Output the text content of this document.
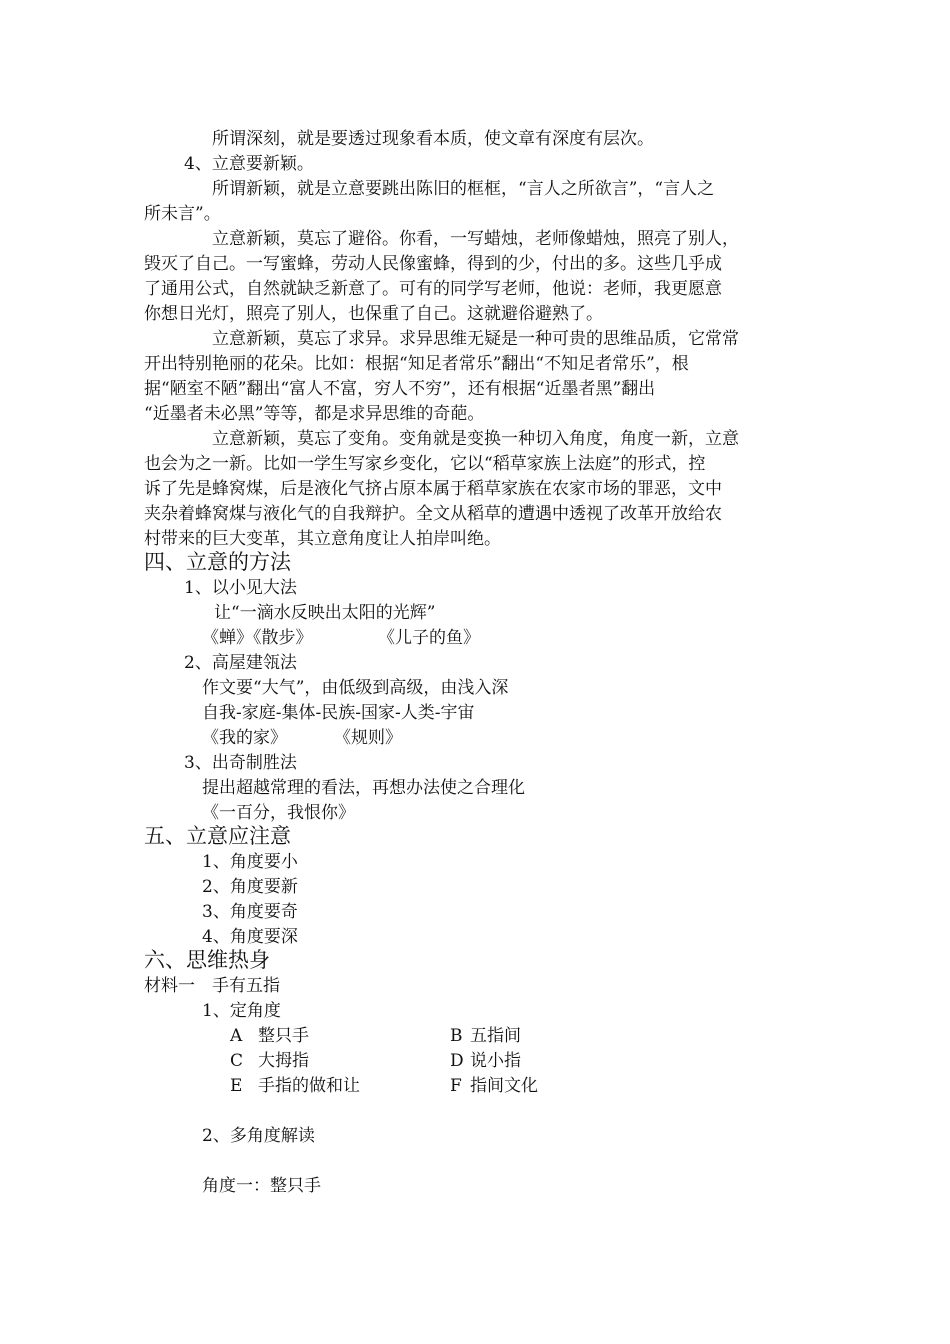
所谓深刻，就是要透过现象看本质，使文章有深度有层次。
4、立意要新颖。
所谓新颖，就是立意要跳出陈旧的框框，“言人之所欲言”，“言人之
所未言”。
立意新颖，莫忘了避俗。你看，一写蜡烛，老师像蜡烛，照亮了别人，
毁灭了自己。一写蜜蜂，劳动人民像蜜蜂，得到的少，付出的多。这些几乎成
了通用公式，自然就缺乏新意了。可有的同学写老师，他说：老师，我更愿意
你想日光灯，照亮了别人，也保重了自己。这就避俗避熟了。
立意新颖，莫忘了求异。求异思维无疑是一种可贵的思维品质，它常常
开出特别艳丽的花朵。比如：根据“知足者常乐”翻出“不知足者常乐”，根
据“陋室不陋”翻出“富人不富，穷人不穷”，还有根据“近墨者黑”翻出
“近墨者未必黑”等等，都是求异思维的奇葩。
立意新颖，莫忘了变角。变角就是变换一种切入角度，角度一新，立意
也会为之一新。比如一学生写家乡变化，它以“稻草家族上法庭”的形式，控
诉了先是蜂窝煤，后是液化气挤占原本属于稻草家族在农家市场的罪恶，文中
夹杂着蜂窝煤与液化气的自我辩护。全文从稻草的遭遇中透视了改革开放给农
村带来的巨大变革，其立意角度让人拍岸叫绝。
四、立意的方法
1、以小见大法
让“一滴水反映出太阳的光辉”
《蝉》《散步》	《儿子的鱼》
2、高屋建瓴法
作文要“大气”，由低级到高级，由浅入深
自我-家庭-集体-民族-国家-人类-宇宙
《我的家》	《规则》
3、出奇制胜法
提出超越常理的看法，再想办法使之合理化
《一百分，我恨你》
五、立意应注意
1、角度要小
2、角度要新
3、角度要奇
4、角度要深
六、思维热身
材料一　手有五指
1、定角度
A 整只手	B 五指间
C 大拇指	D 说小指
E 手指的做和让	F 指间文化
2、多角度解读
角度一：整只手
